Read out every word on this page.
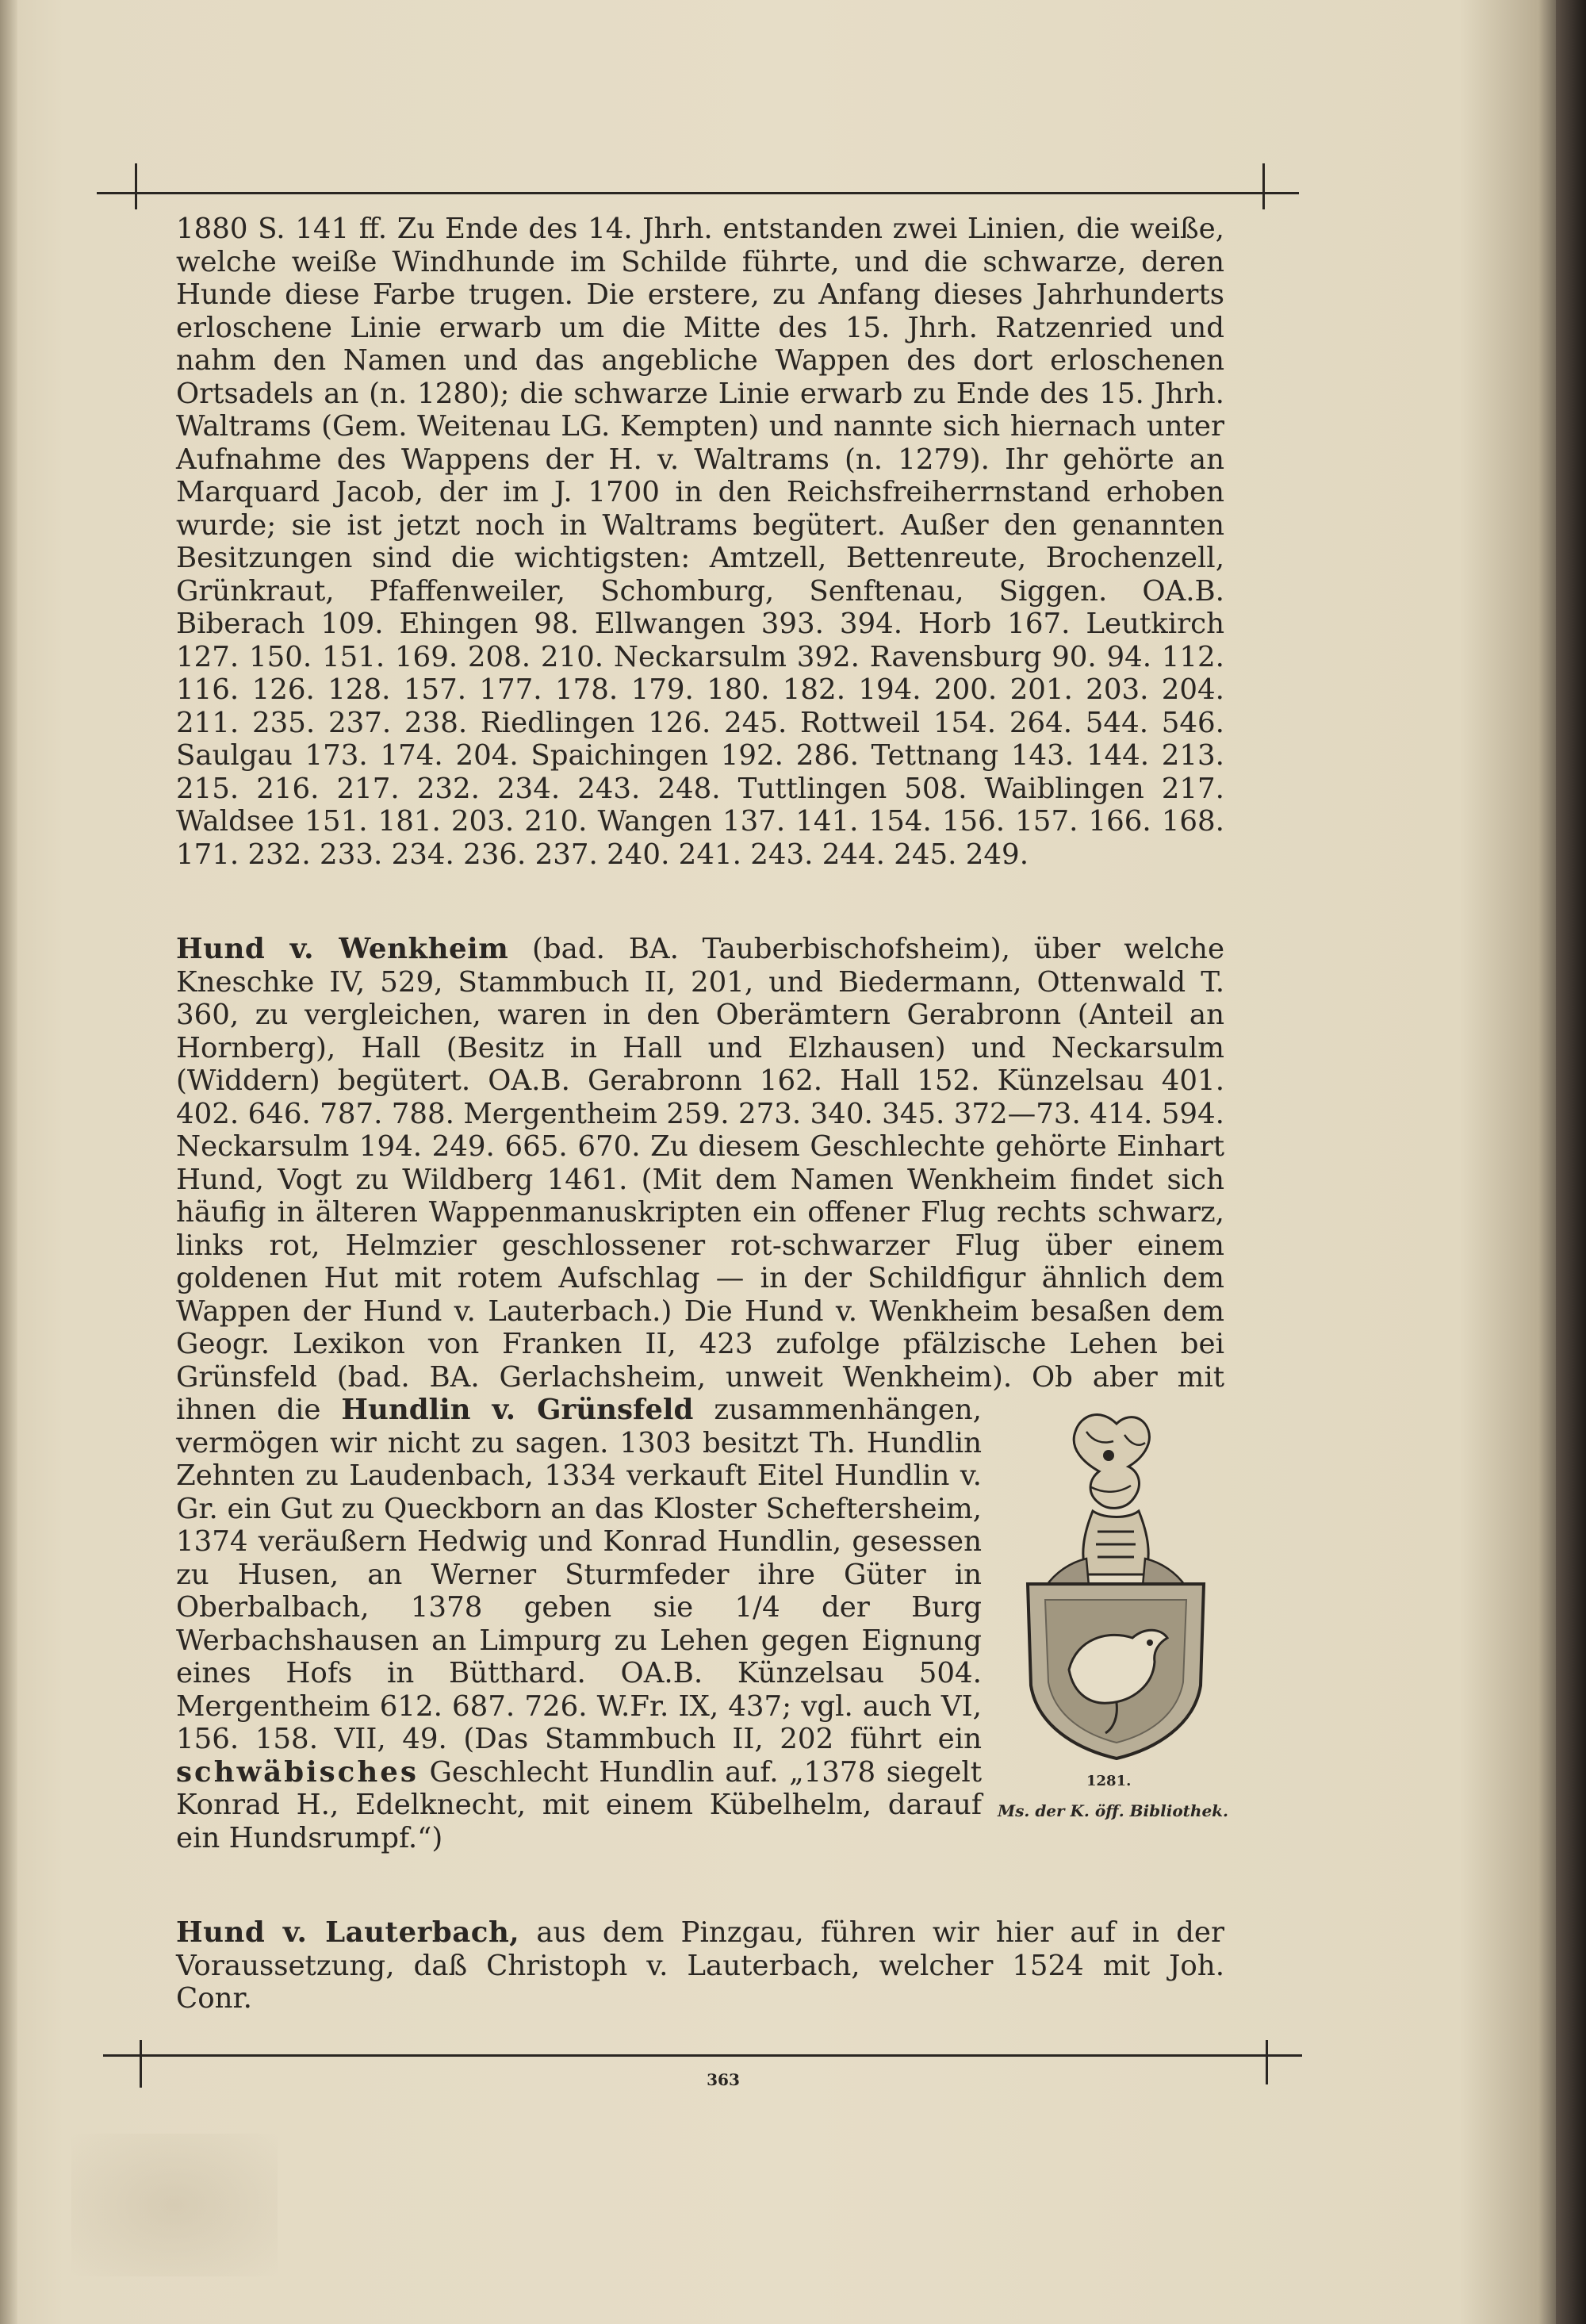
1880 S. 141 ff. Zu Ende des 14. Jhrh. entstanden zwei Linien, die weiße, welche weiße Windhunde im Schilde führte, und die schwarze, deren Hunde diese Farbe trugen. Die erstere, zu Anfang dieses Jahrhunderts erloschene Linie erwarb um die Mitte des 15. Jhrh. Ratzenried und nahm den Namen und das angebliche Wappen des dort erloschenen Ortsadels an (n. 1280); die schwarze Linie erwarb zu Ende des 15. Jhrh. Waltrams (Gem. Weitenau LG. Kempten) und nannte sich hiernach unter Aufnahme des Wappens der H. v. Waltrams (n. 1279). Ihr gehörte an Marquard Jacob, der im J. 1700 in den Reichsfreiherrnstand erhoben wurde; sie ist jetzt noch in Waltrams begütert. Außer den genannten Besitzungen sind die wichtigsten: Amtzell, Bettenreute, Brochenzell, Grünkraut, Pfaffenweiler, Schomburg, Senftenau, Siggen. OA.B. Biberach 109. Ehingen 98. Ellwangen 393. 394. Horb 167. Leutkirch 127. 150. 151. 169. 208. 210. Neckarsulm 392. Ravensburg 90. 94. 112. 116. 126. 128. 157. 177. 178. 179. 180. 182. 194. 200. 201. 203. 204. 211. 235. 237. 238. Riedlingen 126. 245. Rottweil 154. 264. 544. 546. Saulgau 173. 174. 204. Spaichingen 192. 286. Tettnang 143. 144. 213. 215. 216. 217. 232. 234. 243. 248. Tuttlingen 508. Waiblingen 217. Waldsee 151. 181. 203. 210. Wangen 137. 141. 154. 156. 157. 166. 168. 171. 232. 233. 234. 236. 237. 240. 241. 243. 244. 245. 249.

Hund v. Wenkheim (bad. BA. Tauberbischofsheim), über welche Kneschke IV, 529, Stammbuch II, 201, und Biedermann, Ottenwald T. 360, zu vergleichen, waren in den Oberämtern Gerabronn (Anteil an Hornberg), Hall (Besitz in Hall und Elzhausen) und Neckarsulm (Widdern) begütert. OA.B. Gerabronn 162. Hall 152. Künzelsau 401. 402. 646. 787. 788. Mergentheim 259. 273. 340. 345. 372—73. 414. 594. Neckarsulm 194. 249. 665. 670. Zu diesem Geschlechte gehörte Einhart Hund, Vogt zu Wildberg 1461. (Mit dem Namen Wenkheim findet sich häufig in älteren Wappenmanuskripten ein offener Flug rechts schwarz, links rot, Helmzier geschlossener rot-schwarzer Flug über einem goldenen Hut mit rotem Aufschlag — in der Schildfigur ähnlich dem Wappen der Hund v. Lauterbach.) Die Hund v. Wenkheim besaßen dem Geogr. Lexikon von Franken II, 423 zufolge pfälzische Lehen bei Grünsfeld (bad. BA. Gerlachsheim, unweit Wenkheim). Ob aber mit ihnen die
1281.
Ms. der K. öff. Bibliothek.
Hundlin v. Grünsfeld zusammenhängen, vermögen wir nicht zu sagen. 1303 besitzt Th. Hundlin Zehnten zu Laudenbach, 1334 verkauft Eitel Hundlin v. Gr. ein Gut zu Queckborn an das Kloster Scheftersheim, 1374 veräußern Hedwig und Konrad Hundlin, gesessen zu Husen, an Werner Sturmfeder ihre Güter in Oberbalbach, 1378 geben sie 1/4 der Burg Werbachshausen an Limpurg zu Lehen gegen Eignung eines Hofs in Bütthard. OA.B. Künzelsau 504. Mergentheim 612. 687. 726. W.Fr. IX, 437; vgl. auch VI, 156. 158. VII, 49. (Das Stammbuch II, 202 führt ein schwäbisches Geschlecht Hundlin auf. „1378 siegelt Konrad H., Edelknecht, mit einem Kübelhelm, darauf ein Hundsrumpf.“)

Hund v. Lauterbach, aus dem Pinzgau, führen wir hier auf in der Voraussetzung, daß Christoph v. Lauterbach, welcher 1524 mit Joh. Conr.

363
